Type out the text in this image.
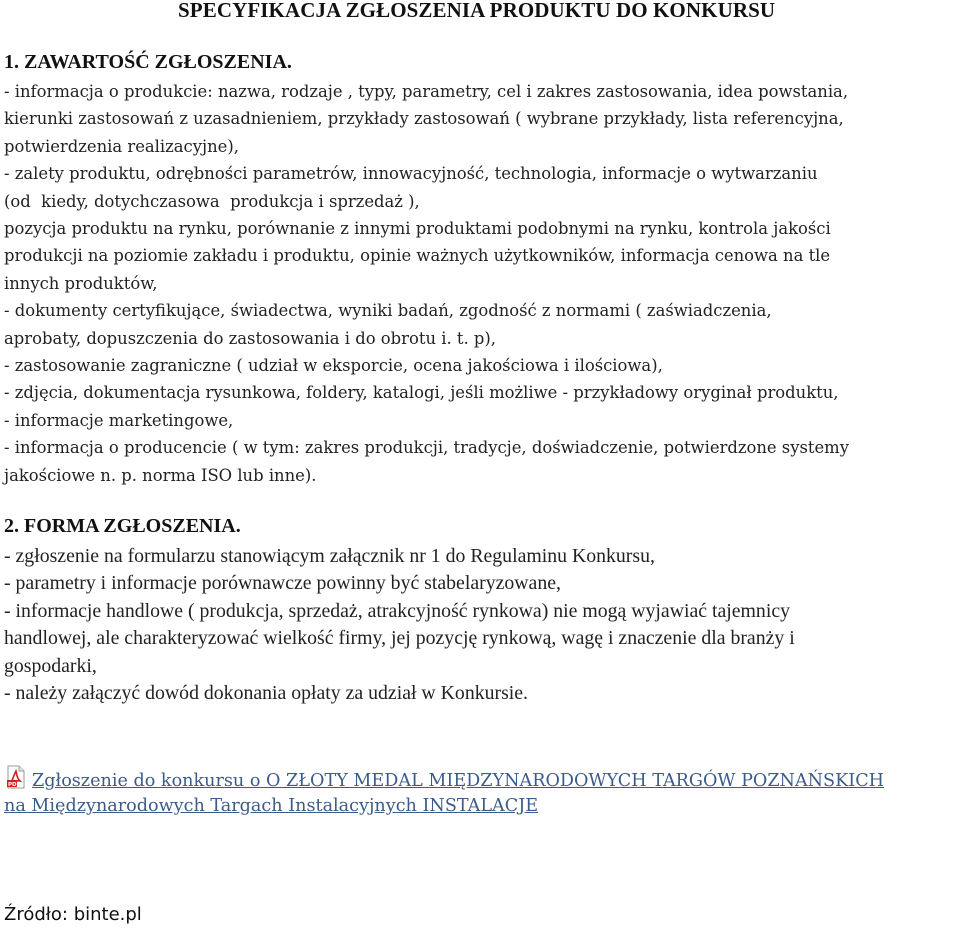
SPECYFIKACJA ZGŁOSZENIA PRODUKTU DO KONKURSU
1. ZAWARTOŚĆ ZGŁOSZENIA.

- informacja o produkcie: nazwa, rodzaje , typy, parametry, cel i zakres zastosowania, idea powstania,

kierunki zastosowań z uzasadnieniem, przykłady zastosowań ( wybrane przykłady, lista referencyjna,

potwierdzenia realizacyjne),

- zalety produktu, odrębności parametrów, innowacyjność, technologia, informacje o wytwarzaniu

(od  kiedy, dotychczasowa  produkcja i sprzedaż ),

pozycja produktu na rynku, porównanie z innymi produktami podobnymi na rynku, kontrola jakości

produkcji na poziomie zakładu i produktu, opinie ważnych użytkowników, informacja cenowa na tle

innych produktów,

- dokumenty certyfikujące, świadectwa, wyniki badań, zgodność z normami ( zaświadczenia,

aprobaty, dopuszczenia do zastosowania i do obrotu i. t. p),

- zastosowanie zagraniczne ( udział w eksporcie, ocena jakościowa i ilościowa),

- zdjęcia, dokumentacja rysunkowa, foldery, katalogi, jeśli możliwe - przykładowy oryginał produktu,

- informacje marketingowe,

- informacja o producencie ( w tym: zakres produkcji, tradycje, doświadczenie, potwierdzone systemy

jakościowe n. p. norma ISO lub inne).

2. FORMA ZGŁOSZENIA.

- zgłoszenie na formularzu stanowiącym załącznik nr 1 do Regulaminu Konkursu,

- parametry i informacje porównawcze powinny być stabelaryzowane,

- informacje handlowe ( produkcja, sprzedaż, atrakcyjność rynkowa) nie mogą wyjawiać tajemnicy

handlowej, ale charakteryzować wielkość firmy, jej pozycję rynkową, wagę i znaczenie dla branży i

gospodarki,

- należy załączyć dowód dokonania opłaty za udział w Konkursie.

PDF Zgłoszenie do konkursu o O ZŁOTY MEDAL MIĘDZYNARODOWYCH TARGÓW POZNAŃSKICH
na Międzynarodowych Targach Instalacyjnych INSTALACJE
Źródło: binte.pl
